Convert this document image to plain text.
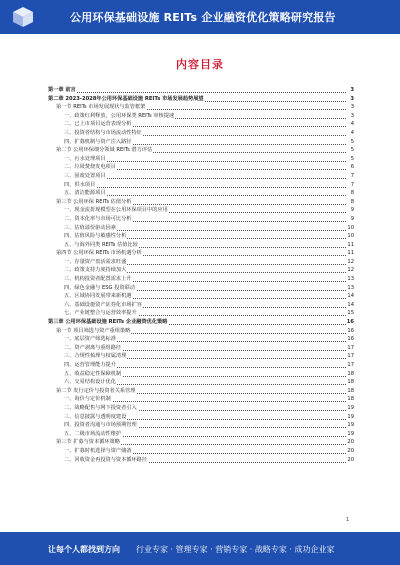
公用环保基础设施 REITs 企业融资优化策略研究报告
内容目录
第一章 前言	3
第二章 2023-2028年公用环保基础设施 REITs 市场发展趋势展望	3
第一节 REITs 市场发展现状与监管框架	3
一、政策红利释放，公用环保类 REITs 审核提速	3
二、已上市项目运营表现分析	4
三、投资者结构与市场流动性特征	4
四、扩募机制与资产注入路径	5
第二节 公用环保细分领域 REITs 潜力评估	5
一、污水处理项目	5
二、垃圾焚烧发电项目	6
三、固废处置项目	7
四、供水项目	7
五、清洁能源项目	8
第三节 公用环保 REITs 估值分析	8
一、现金流折现模型在公用环保项目中的应用	9
二、资本化率与市场可比分析	9
三、估值溢价驱动因素	10
四、估值风险与敏感性分析	10
五、与海外同类 REITs 估值比较	11
第四节 公用环保 REITs 市场机遇分析	11
一、存量资产盘活需求旺盛	12
二、政策支持力度持续加大	12
三、机构投资者配置需求上升	13
四、绿色金融与 ESG 投资联动	13
五、区域协同发展带来新机遇	14
六、基础设施资产证券化市场扩容	14
七、产业链整合与运营效率提升	15
第三章 公用环保基础设施 REITs 企业融资优化策略	16
第一节 项目筛选与资产重组策略	16
一、底层资产筛选标准	16
二、资产剥离与重组路径	17
三、合规性梳理与权属清理	17
四、运营管理能力提升	17
五、收益稳定性保障机制	18
六、交易结构设计优化	18
第二节 发行定价与投资者关系管理	18
一、询价与定价机制	18
二、战略配售与网下投资者引入	19
三、信息披露与透明度建设	19
四、投资者沟通与市场预期管理	19
五、二级市场流动性维护	19
第三节 扩募与资本循环策略	20
一、扩募时机选择与资产储备	20
二、回收资金再投资与资本循环路径	20
1
让每个人都找到方向 行业专家 · 管理专家 · 营销专家 · 战略专家 · 成功企业家
